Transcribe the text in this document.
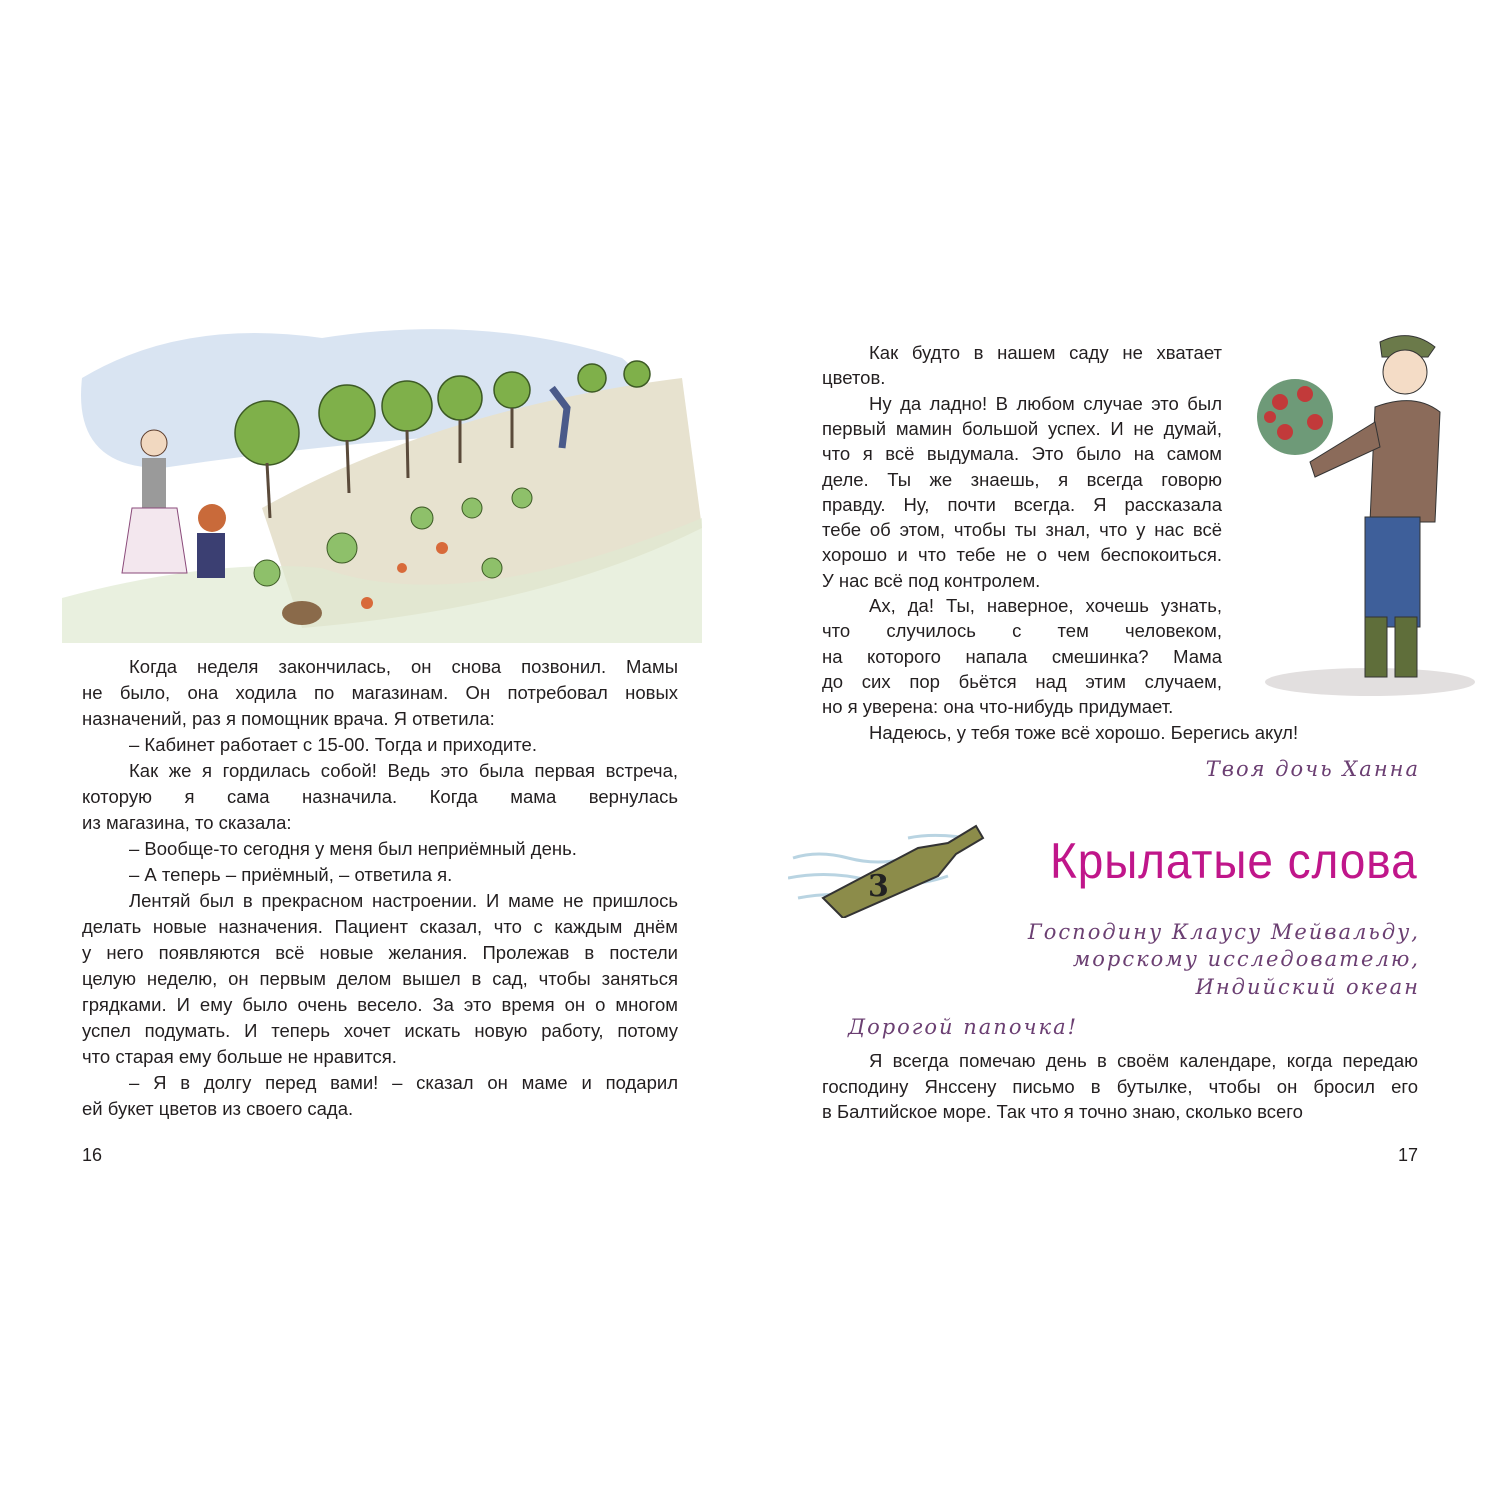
3
Когда неделя закончилась, он снова позвонил. Мамы
не было, она ходила по магазинам. Он потребовал новых
назначений, раз я помощник врача. Я ответила:
– Кабинет работает с 15-00. Тогда и приходите.
Как же я гордилась собой! Ведь это была первая встреча,
которую я сама назначила. Когда мама вернулась
из магазина, то сказала:
– Вообще-то сегодня у меня был неприёмный день.
– А теперь – приёмный, – ответила я.
Лентяй был в прекрасном настроении. И маме не пришлось
делать новые назначения. Пациент сказал, что с каждым днём
у него появляются всё новые желания. Пролежав в постели
целую неделю, он первым делом вышел в сад, чтобы заняться
грядками. И ему было очень весело. За это время он о многом
успел подумать. И теперь хочет искать новую работу, потому
что старая ему больше не нравится.
– Я в долгу перед вами! – сказал он маме и подарил
ей букет цветов из своего сада.
16
Как будто в нашем саду не хватает
цветов.
Ну да ладно! В любом случае это был
первый мамин большой успех. И не думай,
что я всё выдумала. Это было на самом
деле. Ты же знаешь, я всегда говорю
правду. Ну, почти всегда. Я рассказала
тебе об этом, чтобы ты знал, что у нас всё
хорошо и что тебе не о чем беспокоиться.
У нас всё под контролем.
Ах, да! Ты, наверное, хочешь узнать,
что случилось с тем человеком,
на которого напала смешинка? Мама
до сих пор бьётся над этим случаем,
но я уверена: она что-нибудь придумает.
Надеюсь, у тебя тоже всё хорошо. Берегись акул!
Твоя дочь Ханна
Крылатые слова
Господину Клаусу Мейвальду,
морскому исследователю,
Индийский океан
Дорогой папочка!
Я всегда помечаю день в своём календаре, когда передаю
господину Янссену письмо в бутылке, чтобы он бросил его
в Балтийское море. Так что я точно знаю, сколько всего
17
